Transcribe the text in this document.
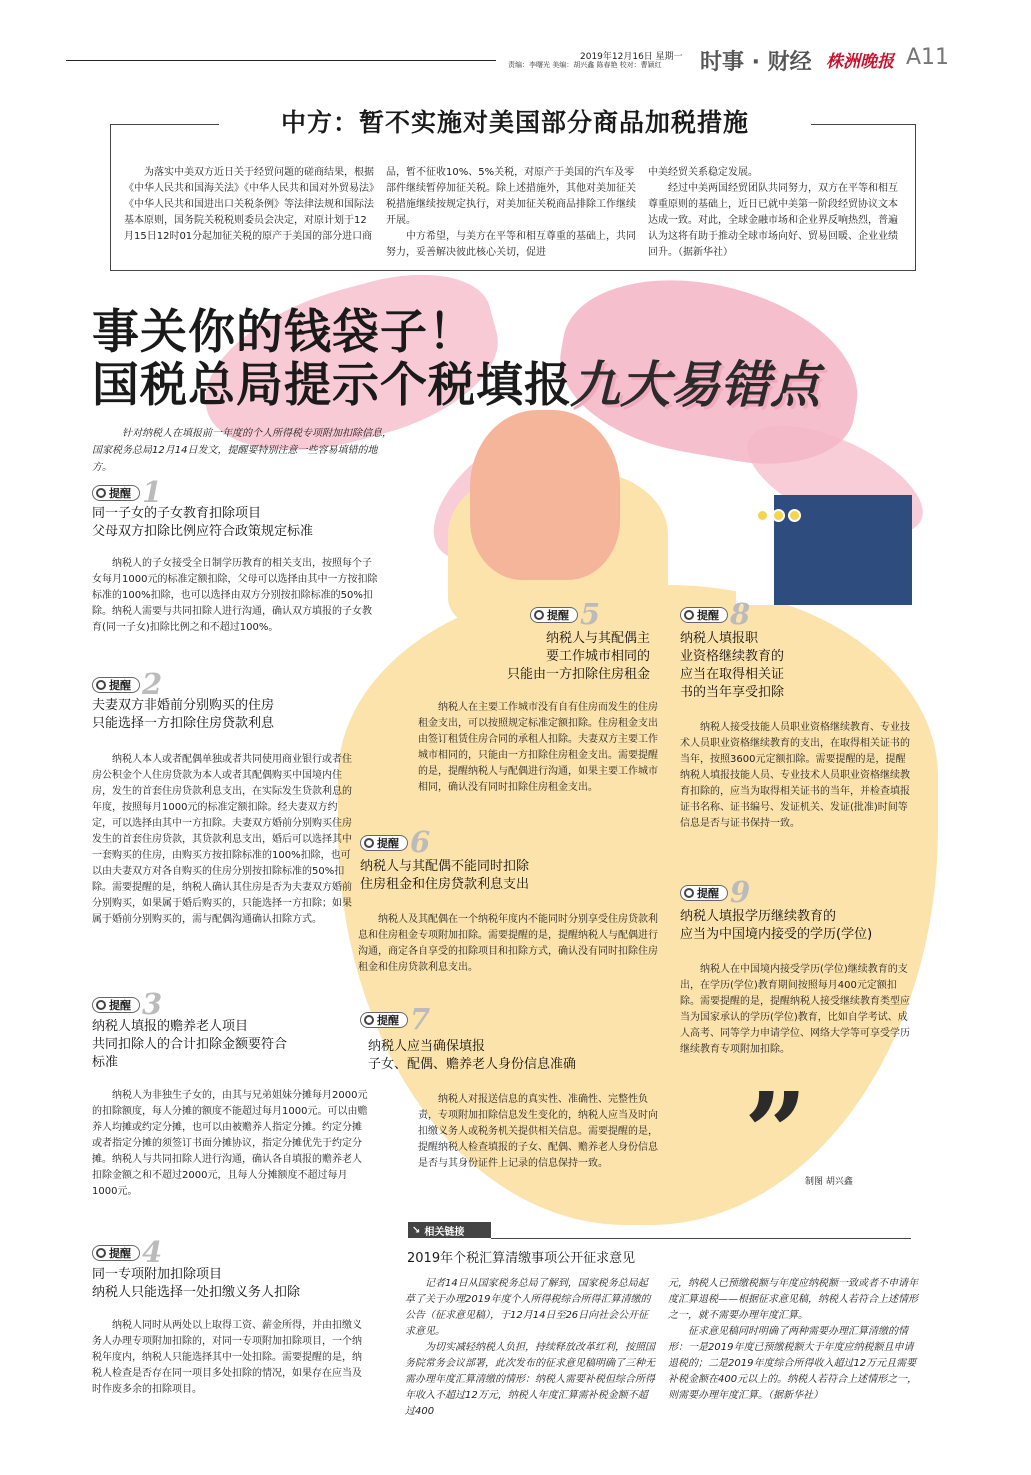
2019年12月16日 星期一
责编：李曙光 美编：胡兴鑫 陈春艳 校对：曹颖红 时事 · 财经 株洲晚报 A11
中方：暂不实施对美国部分商品加税措施

为落实中美双方近日关于经贸问题的磋商结果，根据《中华人民共和国海关法》《中华人民共和国对外贸易法》《中华人民共和国进出口关税条例》等法律法规和国际法基本原则，国务院关税税则委员会决定，对原计划于12月15日12时01分起加征关税的原产于美国的部分进口商

品，暂不征收10%、5%关税，对原产于美国的汽车及零部件继续暂停加征关税。除上述措施外，其他对美加征关税措施继续按规定执行，对美加征关税商品排除工作继续开展。

中方希望，与美方在平等和相互尊重的基础上，共同努力，妥善解决彼此核心关切，促进

中美经贸关系稳定发展。

经过中美两国经贸团队共同努力，双方在平等和相互尊重原则的基础上，近日已就中美第一阶段经贸协议文本达成一致。对此，全球金融市场和企业界反响热烈，普遍认为这将有助于推动全球市场向好、贸易回暖、企业业绩回升。（据新华社）

”
事关你的钱袋子！
国税总局提示个税填报
九大易错点

针对纳税人在填报前一年度的个人所得税专项附加扣除信息，国家税务总局12月14日发文，提醒要特别注意一些容易填错的地方。

提醒 1
同一子女的子女教育扣除项目
父母双方扣除比例应符合政策规定标准

纳税人的子女接受全日制学历教育的相关支出，按照每个子女每月1000元的标准定额扣除，父母可以选择由其中一方按扣除标准的100%扣除，也可以选择由双方分别按扣除标准的50%扣除。纳税人需要与共同扣除人进行沟通，确认双方填报的子女教育(同一子女)扣除比例之和不超过100%。

提醒 2
夫妻双方非婚前分别购买的住房
只能选择一方扣除住房贷款利息

纳税人本人或者配偶单独或者共同使用商业银行或者住房公积金个人住房贷款为本人或者其配偶购买中国境内住房，发生的首套住房贷款利息支出，在实际发生贷款利息的年度，按照每月1000元的标准定额扣除。经夫妻双方约定，可以选择由其中一方扣除。夫妻双方婚前分别购买住房发生的首套住房贷款，其贷款利息支出，婚后可以选择其中一套购买的住房，由购买方按扣除标准的100%扣除，也可以由夫妻双方对各自购买的住房分别按扣除标准的50%扣除。需要提醒的是，纳税人确认其住房是否为夫妻双方婚前分别购买，如果属于婚后购买的，只能选择一方扣除；如果属于婚前分别购买的，需与配偶沟通确认扣除方式。

提醒 3
纳税人填报的赡养老人项目
共同扣除人的合计扣除金额要符合
标准

纳税人为非独生子女的，由其与兄弟姐妹分摊每月2000元的扣除额度，每人分摊的额度不能超过每月1000元。可以由赡养人均摊或约定分摊，也可以由被赡养人指定分摊。约定分摊或者指定分摊的须签订书面分摊协议，指定分摊优先于约定分摊。纳税人与共同扣除人进行沟通，确认各自填报的赡养老人扣除金额之和不超过2000元，且每人分摊额度不超过每月1000元。

提醒 4
同一专项附加扣除项目
纳税人只能选择一处扣缴义务人扣除

纳税人同时从两处以上取得工资、薪金所得，并由扣缴义务人办理专项附加扣除的，对同一专项附加扣除项目，一个纳税年度内，纳税人只能选择其中一处扣除。需要提醒的是，纳税人检查是否存在同一项目多处扣除的情况，如果存在应当及时作废多余的扣除项目。

提醒 5
纳税人与其配偶主
要工作城市相同的
只能由一方扣除住房租金

纳税人在主要工作城市没有自有住房而发生的住房租金支出，可以按照规定标准定额扣除。住房租金支出由签订租赁住房合同的承租人扣除。夫妻双方主要工作城市相同的，只能由一方扣除住房租金支出。需要提醒的是，提醒纳税人与配偶进行沟通，如果主要工作城市相同，确认没有同时扣除住房租金支出。

提醒 6
纳税人与其配偶不能同时扣除
住房租金和住房贷款利息支出

纳税人及其配偶在一个纳税年度内不能同时分别享受住房贷款利息和住房租金专项附加扣除。需要提醒的是，提醒纳税人与配偶进行沟通，商定各自享受的扣除项目和扣除方式，确认没有同时扣除住房租金和住房贷款利息支出。

提醒 7
纳税人应当确保填报
子女、配偶、赡养老人身份信息准确

纳税人对报送信息的真实性、准确性、完整性负责，专项附加扣除信息发生变化的，纳税人应当及时向扣缴义务人或税务机关提供相关信息。需要提醒的是，提醒纳税人检查填报的子女、配偶、赡养老人身份信息是否与其身份证件上记录的信息保持一致。

提醒 8
纳税人填报职
业资格继续教育的
应当在取得相关证
书的当年享受扣除

纳税人接受技能人员职业资格继续教育、专业技术人员职业资格继续教育的支出，在取得相关证书的当年，按照3600元定额扣除。需要提醒的是，提醒纳税人填报技能人员、专业技术人员职业资格继续教育扣除的，应当为取得相关证书的当年，并检查填报证书名称、证书编号、发证机关、发证(批准)时间等信息是否与证书保持一致。

提醒 9
纳税人填报学历继续教育的
应当为中国境内接受的学历(学位)

纳税人在中国境内接受学历(学位)继续教育的支出，在学历(学位)教育期间按照每月400元定额扣除。需要提醒的是，提醒纳税人接受继续教育类型应当为国家承认的学历(学位)教育，比如自学考试、成人高考、同等学力申请学位、网络大学等可享受学历继续教育专项附加扣除。

制图 胡兴鑫
↘ 相关链接
2019年个税汇算清缴事项公开征求意见

记者14日从国家税务总局了解到，国家税务总局起草了关于办理2019年度个人所得税综合所得汇算清缴的公告（征求意见稿），于12月14日至26日向社会公开征求意见。

为切实减轻纳税人负担，持续释放改革红利，按照国务院常务会议部署，此次发布的征求意见稿明确了三种无需办理年度汇算清缴的情形：纳税人需要补税但综合所得年收入不超过12万元，纳税人年度汇算需补税金额不超过400

元，纳税人已预缴税额与年度应纳税额一致或者不申请年度汇算退税——根据征求意见稿，纳税人若符合上述情形之一，就不需要办理年度汇算。

征求意见稿同时明确了两种需要办理汇算清缴的情形：一是2019年度已预缴税额大于年度应纳税额且申请退税的；二是2019年度综合所得收入超过12万元且需要补税金额在400元以上的。纳税人若符合上述情形之一，则需要办理年度汇算。（据新华社）
